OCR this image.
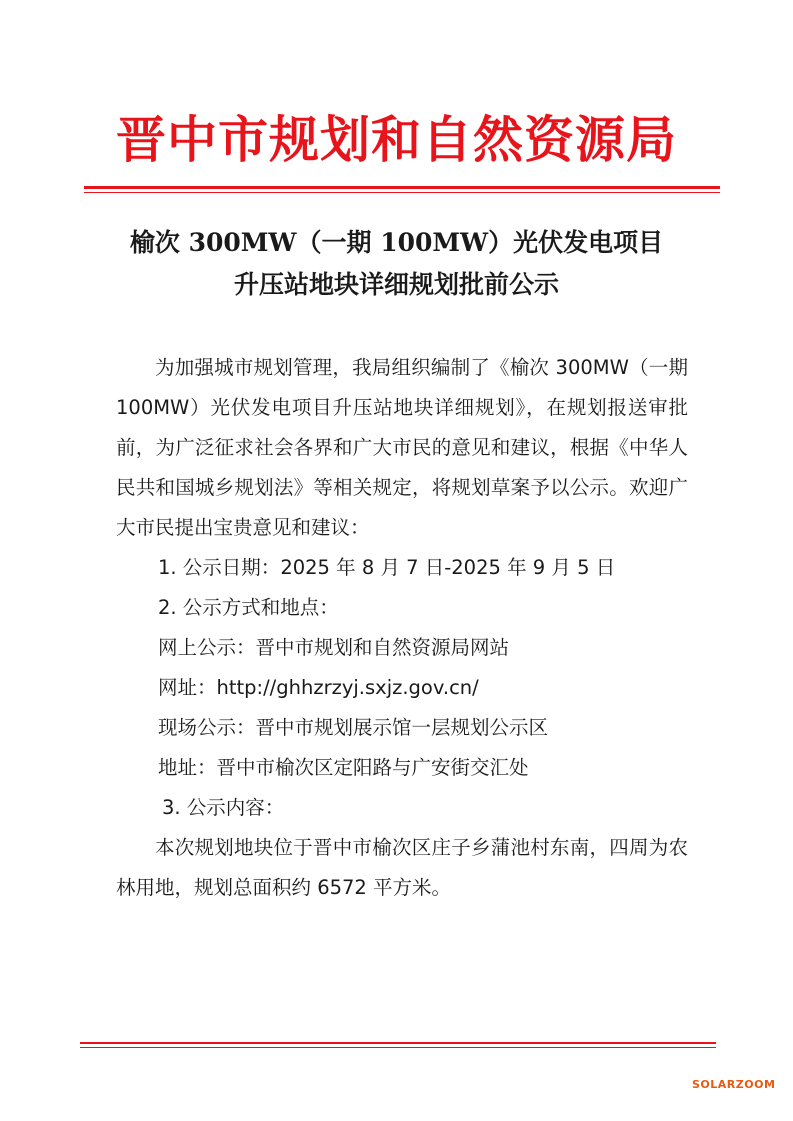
晋中市规划和自然资源局
榆次 300MW（一期 100MW）光伏发电项目
升压站地块详细规划批前公示

为加强城市规划管理，我局组织编制了《榆次 300MW（一期 100MW）光伏发电项目升压站地块详细规划》，在规划报送审批前，为广泛征求社会各界和广大市民的意见和建议，根据《中华人民共和国城乡规划法》等相关规定，将规划草案予以公示。欢迎广大市民提出宝贵意见和建议：

1. 公示日期：2025 年 8 月 7 日-2025 年 9 月 5 日

2. 公示方式和地点：

网上公示：晋中市规划和自然资源局网站

网址：http://ghhzrzyj.sxjz.gov.cn/

现场公示：晋中市规划展示馆一层规划公示区

地址：晋中市榆次区定阳路与广安街交汇处

3. 公示内容：

本次规划地块位于晋中市榆次区庄子乡蒲池村东南，四周为农林用地，规划总面积约 6572 平方米。

SOLARZOOM
